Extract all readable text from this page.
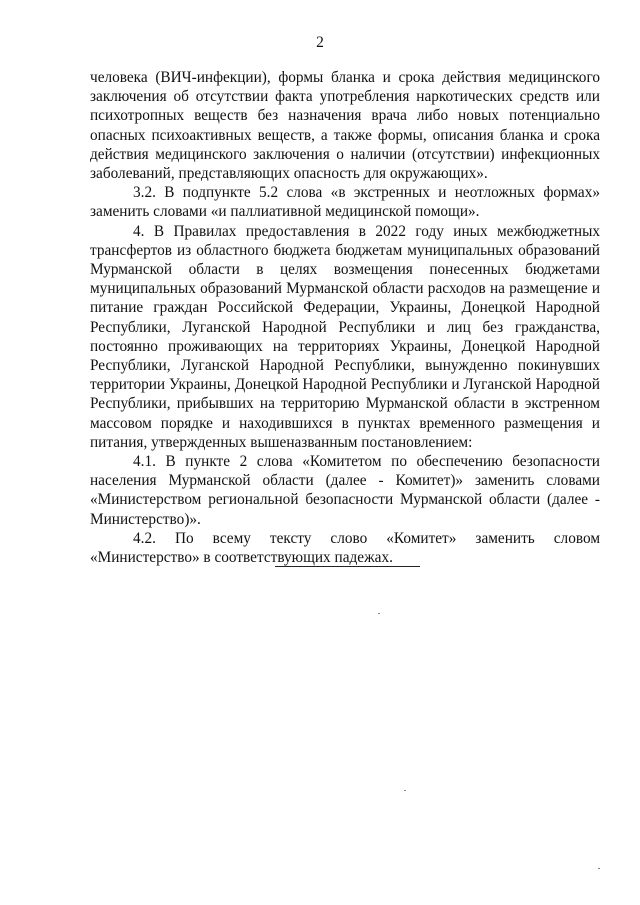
2

человека (ВИЧ-инфекции), формы бланка и срока действия медицинского заключения об отсутствии факта употребления наркотических средств или психотропных веществ без назначения врача либо новых потенциально опасных психоактивных веществ, а также формы, описания бланка и срока действия медицинского заключения о наличии (отсутствии) инфекционных заболеваний, представляющих опасность для окружающих».

3.2. В подпункте 5.2 слова «в экстренных и неотложных формах» заменить словами «и паллиативной медицинской помощи».

4. В Правилах предоставления в 2022 году иных межбюджетных трансфертов из областного бюджета бюджетам муниципальных образований Мурманской области в целях возмещения понесенных бюджетами муниципальных образований Мурманской области расходов на размещение и питание граждан Российской Федерации, Украины, Донецкой Народной Республики, Луганской Народной Республики и лиц без гражданства, постоянно проживающих на территориях Украины, Донецкой Народной Республики, Луганской Народной Республики, вынужденно покинувших территории Украины, Донецкой Народной Республики и Луганской Народной Республики, прибывших на территорию Мурманской области в экстренном массовом порядке и находившихся в пунктах временного размещения и питания, утвержденных вышеназванным постановлением:

4.1. В пункте 2 слова «Комитетом по обеспечению безопасности населения Мурманской области (далее - Комитет)» заменить словами «Министерством региональной безопасности Мурманской области (далее - Министерство)».

4.2. По всему тексту слово «Комитет» заменить словом «Министерство» в соответствующих падежах.
